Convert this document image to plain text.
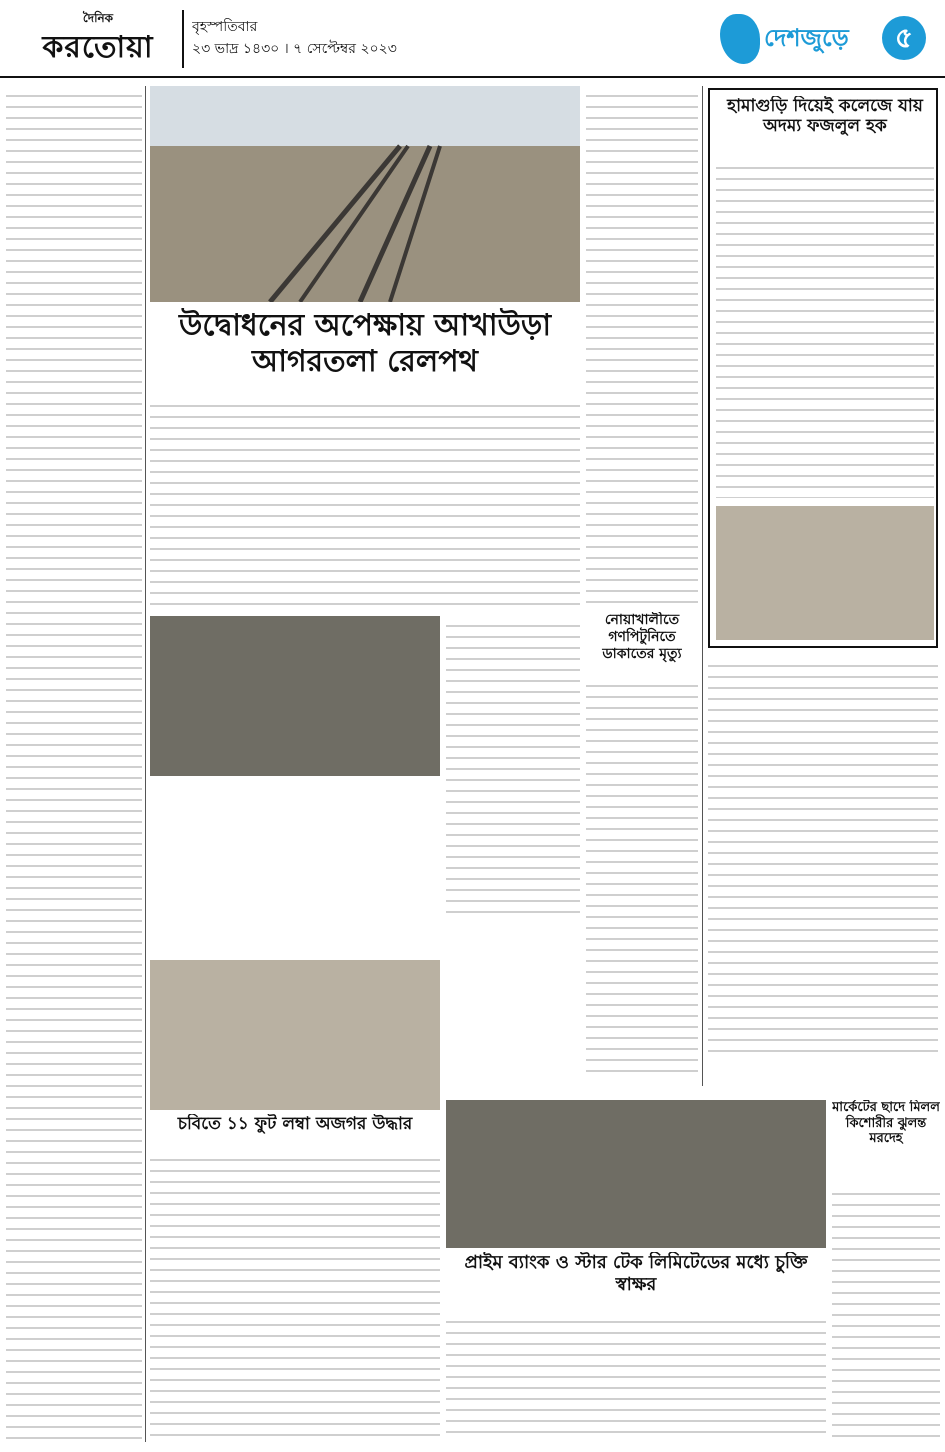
দৈনিক
করতোয়া
বৃহস্পতিবার
২৩ ভাদ্র ১৪৩০ । ৭ সেপ্টেম্বর ২০২৩	দেশজুড়ে	৫
উদ্বোধনের অপেক্ষায় আখাউড়া আগরতলা রেলপথ
হামাগুড়ি দিয়েই কলেজে যায় অদম্য ফজলুল হক
নোয়াখালীতে গণপিটুনিতে ডাকাতের মৃত্যু
চবিতে ১১ ফুট লম্বা অজগর উদ্ধার
প্রাইম ব্যাংক ও স্টার টেক লিমিটেডের মধ্যে চুক্তি স্বাক্ষর
মার্কেটের ছাদে মিলল কিশোরীর ঝুলন্ত মরদেহ
